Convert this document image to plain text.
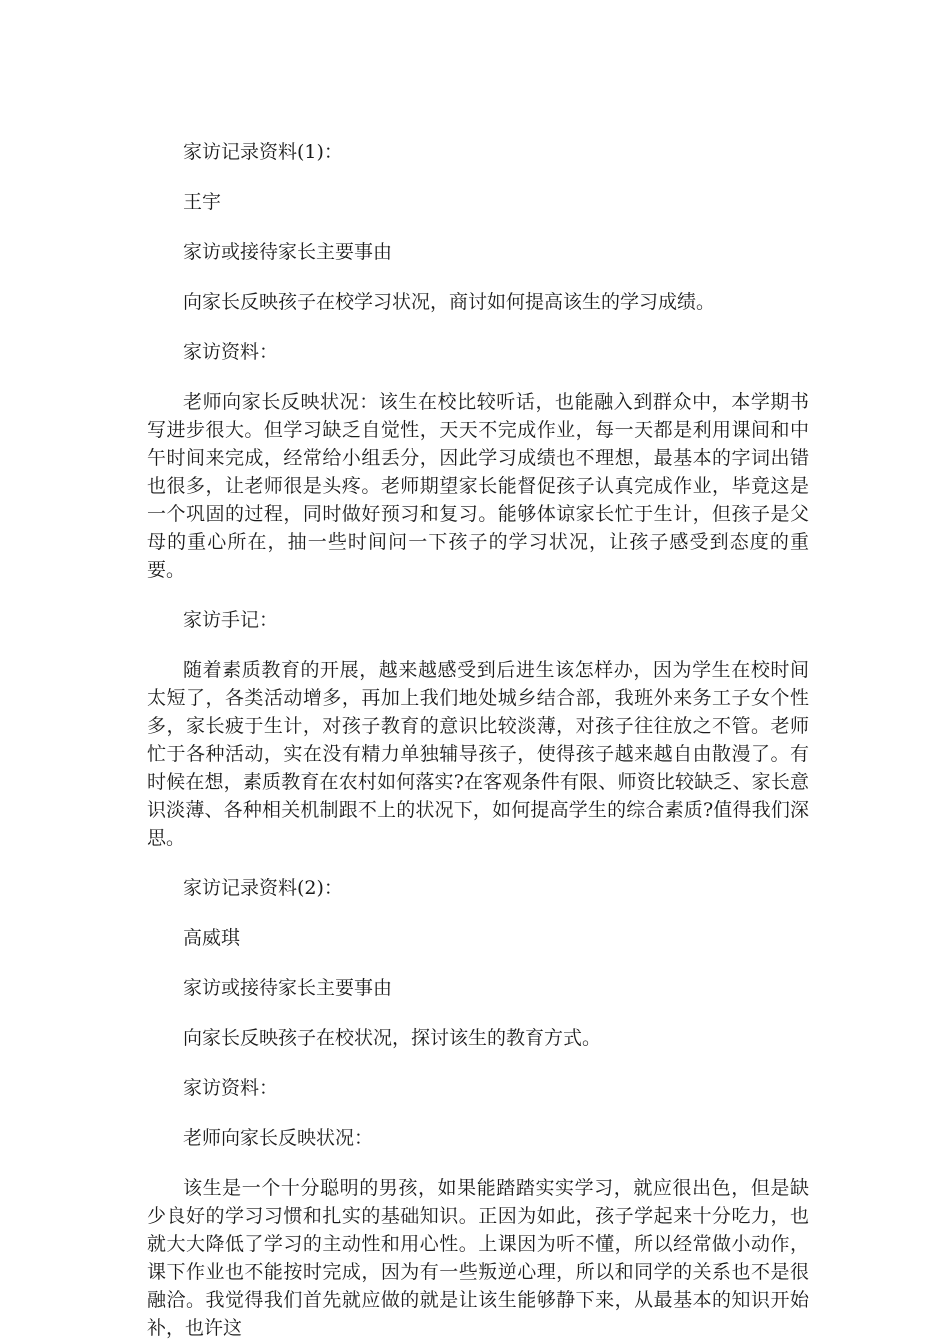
家访记录资料(1)：

王宇

家访或接待家长主要事由

向家长反映孩子在校学习状况，商讨如何提高该生的学习成绩。

家访资料：

老师向家长反映状况：该生在校比较听话，也能融入到群众中，本学期书写进步很大。但学习缺乏自觉性，天天不完成作业，每一天都是利用课间和中午时间来完成，经常给小组丢分，因此学习成绩也不理想，最基本的字词出错也很多，让老师很是头疼。老师期望家长能督促孩子认真完成作业，毕竟这是一个巩固的过程，同时做好预习和复习。能够体谅家长忙于生计，但孩子是父母的重心所在，抽一些时间问一下孩子的学习状况，让孩子感受到态度的重要。

家访手记：

随着素质教育的开展，越来越感受到后进生该怎样办，因为学生在校时间太短了，各类活动增多，再加上我们地处城乡结合部，我班外来务工子女个性多，家长疲于生计，对孩子教育的意识比较淡薄，对孩子往往放之不管。老师忙于各种活动，实在没有精力单独辅导孩子，使得孩子越来越自由散漫了。有时候在想，素质教育在农村如何落实?在客观条件有限、师资比较缺乏、家长意识淡薄、各种相关机制跟不上的状况下，如何提高学生的综合素质?值得我们深思。

家访记录资料(2)：

高威琪

家访或接待家长主要事由

向家长反映孩子在校状况，探讨该生的教育方式。

家访资料：

老师向家长反映状况：

该生是一个十分聪明的男孩，如果能踏踏实实学习，就应很出色，但是缺少良好的学习习惯和扎实的基础知识。正因为如此，孩子学起来十分吃力，也就大大降低了学习的主动性和用心性。上课因为听不懂，所以经常做小动作，课下作业也不能按时完成，因为有一些叛逆心理，所以和同学的关系也不是很融洽。我觉得我们首先就应做的就是让该生能够静下来，从最基本的知识开始补，也许这
